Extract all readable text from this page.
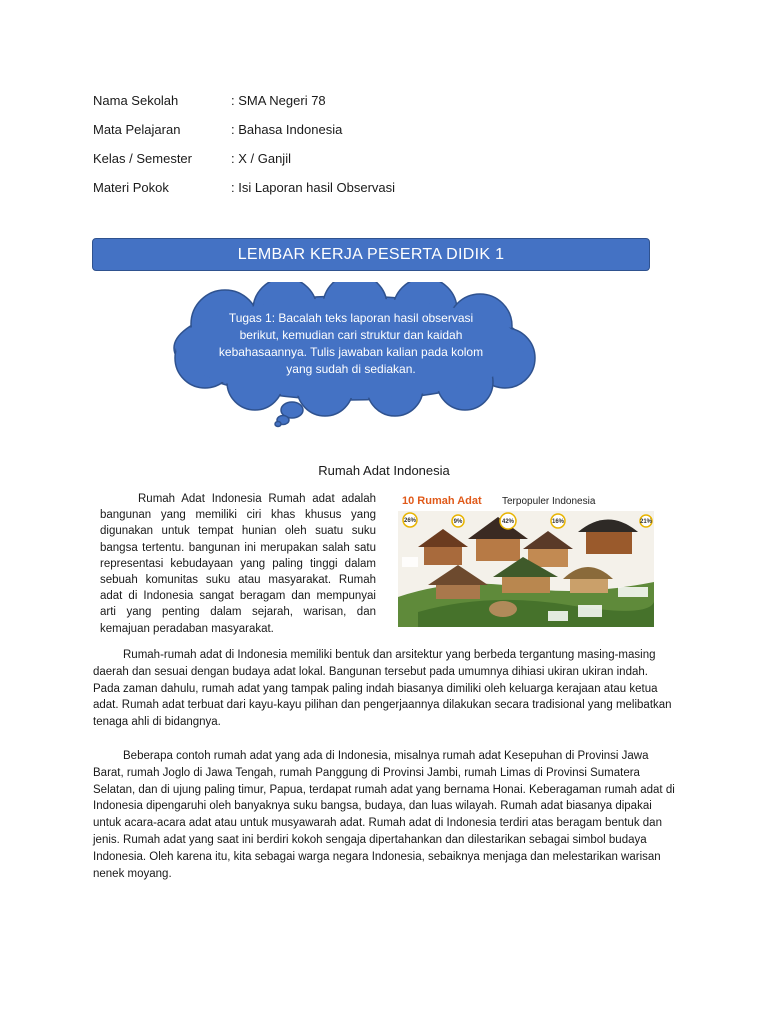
Nama Sekolah	: SMA Negeri 78
Mata Pelajaran	: Bahasa Indonesia
Kelas / Semester	: X / Ganjil
Materi Pokok	: Isi Laporan hasil Observasi
LEMBAR KERJA PESERTA DIDIK 1
Tugas 1: Bacalah teks laporan hasil observasi berikut, kemudian cari struktur dan kaidah kebahasaannya. Tulis jawaban kalian pada kolom yang sudah di sediakan.
Rumah Adat Indonesia
Rumah Adat Indonesia Rumah adat adalah bangunan yang memiliki ciri khas khusus yang digunakan untuk tempat hunian oleh suatu suku bangsa tertentu. bangunan ini merupakan salah satu representasi kebudayaan yang paling tinggi dalam sebuah komunitas suku atau masyarakat. Rumah adat di Indonesia sangat beragam dan mempunyai arti yang penting dalam sejarah, warisan, dan kemajuan peradaban masyarakat.
10 Rumah Adat Terpopuler Indonesia
26%	9%	42%	16%	21%
Rumah-rumah adat di Indonesia memiliki bentuk dan arsitektur yang berbeda tergantung masing-masing daerah dan sesuai dengan budaya adat lokal. Bangunan tersebut pada umumnya dihiasi ukiran ukiran indah. Pada zaman dahulu, rumah adat yang tampak paling indah biasanya dimiliki oleh keluarga kerajaan atau ketua adat. Rumah adat terbuat dari kayu-kayu pilihan dan pengerjaannya dilakukan secara tradisional yang melibatkan tenaga ahli di bidangnya.
Beberapa contoh rumah adat yang ada di Indonesia, misalnya rumah adat Kesepuhan di Provinsi Jawa Barat, rumah Joglo di Jawa Tengah, rumah Panggung di Provinsi Jambi, rumah Limas di Provinsi Sumatera Selatan, dan di ujung paling timur, Papua, terdapat rumah adat yang bernama Honai. Keberagaman rumah adat di Indonesia dipengaruhi oleh banyaknya suku bangsa, budaya, dan luas wilayah. Rumah adat biasanya dipakai untuk acara-acara adat atau untuk musyawarah adat. Rumah adat di Indonesia terdiri atas beragam bentuk dan jenis. Rumah adat yang saat ini berdiri kokoh sengaja dipertahankan dan dilestarikan sebagai simbol budaya Indonesia. Oleh karena itu, kita sebagai warga negara Indonesia, sebaiknya menjaga dan melestarikan warisan nenek moyang.
